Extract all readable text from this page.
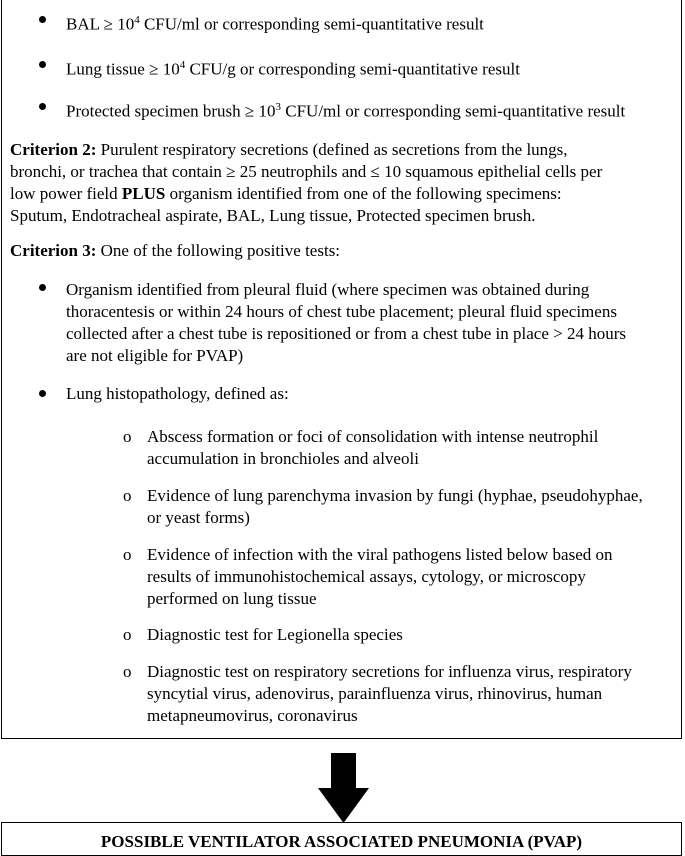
BAL ≥ $10^4$ CFU/ml or corresponding semi-quantitative result
Lung tissue ≥ $10^4$ CFU/g or corresponding semi-quantitative result
Protected specimen brush ≥ $10^3$ CFU/ml or corresponding semi-quantitative result
Criterion 2: Purulent respiratory secretions (defined as secretions from the lungs,
bronchi, or trachea that contain ≥ 25 neutrophils and ≤ 10 squamous epithelial cells per
low power field PLUS organism identified from one of the following specimens:
Sputum, Endotracheal aspirate, BAL, Lung tissue, Protected specimen brush.
Criterion 3: One of the following positive tests:
Organism identified from pleural fluid (where specimen was obtained during
thoracentesis or within 24 hours of chest tube placement; pleural fluid specimens
collected after a chest tube is repositioned or from a chest tube in place > 24 hours
are not eligible for PVAP)
Lung histopathology, defined as:
o Abscess formation or foci of consolidation with intense neutrophil
accumulation in bronchioles and alveoli
o Evidence of lung parenchyma invasion by fungi (hyphae, pseudohyphae,
or yeast forms)
o Evidence of infection with the viral pathogens listed below based on
results of immunohistochemical assays, cytology, or microscopy
performed on lung tissue
o Diagnostic test for Legionella species
o Diagnostic test on respiratory secretions for influenza virus, respiratory
syncytial virus, adenovirus, parainfluenza virus, rhinovirus, human
metapneumovirus, coronavirus
POSSIBLE VENTILATOR ASSOCIATED PNEUMONIA (PVAP)
